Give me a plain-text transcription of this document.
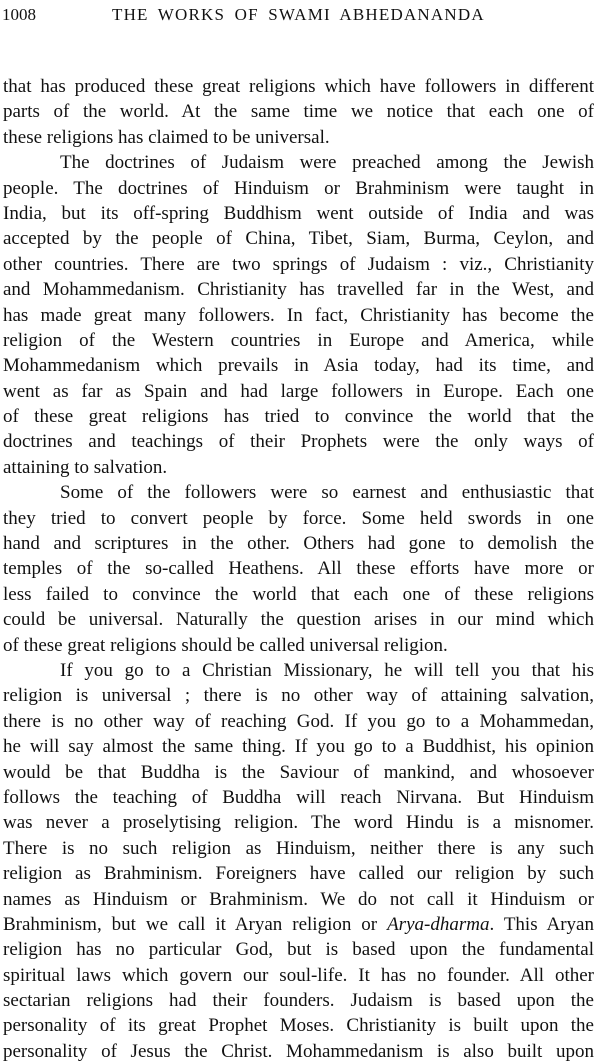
1008	THE WORKS OF SWAMI ABHEDANANDA
that has produced these great religions which have followers in different
parts of the world. At the same time we notice that each one of
these religions has claimed to be universal.
The doctrines of Judaism were preached among the Jewish
people. The doctrines of Hinduism or Brahminism were taught in
India, but its off-spring Buddhism went outside of India and was
accepted by the people of China, Tibet, Siam, Burma, Ceylon, and
other countries. There are two springs of Judaism : viz., Christianity
and Mohammedanism. Christianity has travelled far in the West, and
has made great many followers. In fact, Christianity has become the
religion of the Western countries in Europe and America, while
Mohammedanism which prevails in Asia today, had its time, and
went as far as Spain and had large followers in Europe. Each one
of these great religions has tried to convince the world that the
doctrines and teachings of their Prophets were the only ways of
attaining to salvation.
Some of the followers were so earnest and enthusiastic that
they tried to convert people by force. Some held swords in one
hand and scriptures in the other. Others had gone to demolish the
temples of the so-called Heathens. All these efforts have more or
less failed to convince the world that each one of these religions
could be universal. Naturally the question arises in our mind which
of these great religions should be called universal religion.
If you go to a Christian Missionary, he will tell you that his
religion is universal ; there is no other way of attaining salvation,
there is no other way of reaching God. If you go to a Mohammedan,
he will say almost the same thing. If you go to a Buddhist, his opinion
would be that Buddha is the Saviour of mankind, and whosoever
follows the teaching of Buddha will reach Nirvana. But Hinduism
was never a proselytising religion. The word Hindu is a misnomer.
There is no such religion as Hinduism, neither there is any such
religion as Brahminism. Foreigners have called our religion by such
names as Hinduism or Brahminism. We do not call it Hinduism or
Brahminism, but we call it Aryan religion or Arya-dharma. This Aryan
religion has no particular God, but is based upon the fundamental
spiritual laws which govern our soul-life. It has no founder. All other
sectarian religions had their founders. Judaism is based upon the
personality of its great Prophet Moses. Christianity is built upon the
personality of Jesus the Christ. Mohammedanism is also built upon
